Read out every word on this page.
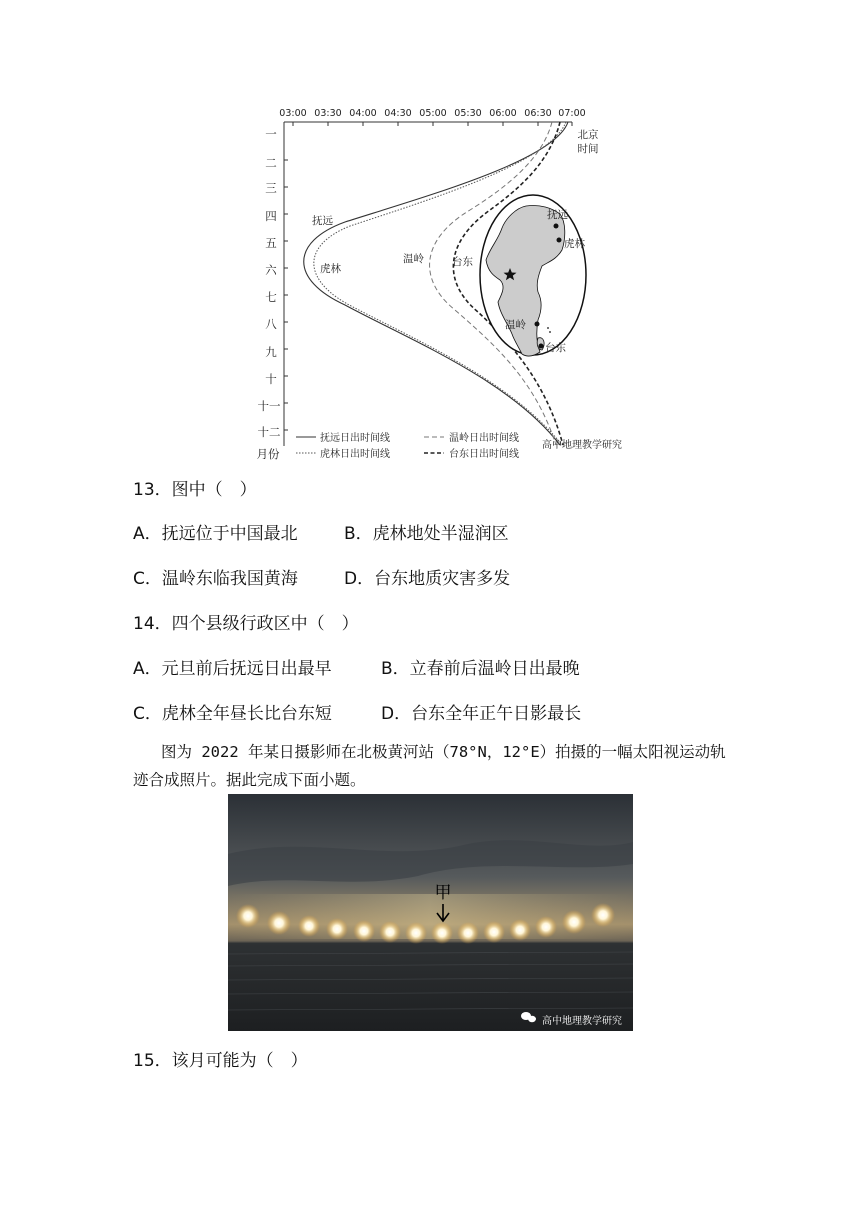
03:00 03:30 04:00 04:30 05:00 05:30 06:00 06:30 07:00
北京
时间
一
二
三
四
五
六
七
八
九
十
十一
十二
月份
抚远
虎林
温岭	台东
抚远
虎林
温岭
台东
抚远日出时间线
虎林日出时间线
温岭日出时间线
台东日出时间线
高中地理教学研究
13．图中（　）
A．抚远位于中国最北	B．虎林地处半湿润区
C．温岭东临我国黄海	D．台东地质灾害多发
14．四个县级行政区中（　）
A．元旦前后抚远日出最早	B．立春前后温岭日出最晚
C．虎林全年昼长比台东短	D．台东全年正午日影最长
图为 2022 年某日摄影师在北极黄河站（78°N，12°E）拍摄的一幅太阳视运动轨迹合成照片。据此完成下面小题。
甲
高中地理教学研究
15．该月可能为（　）
